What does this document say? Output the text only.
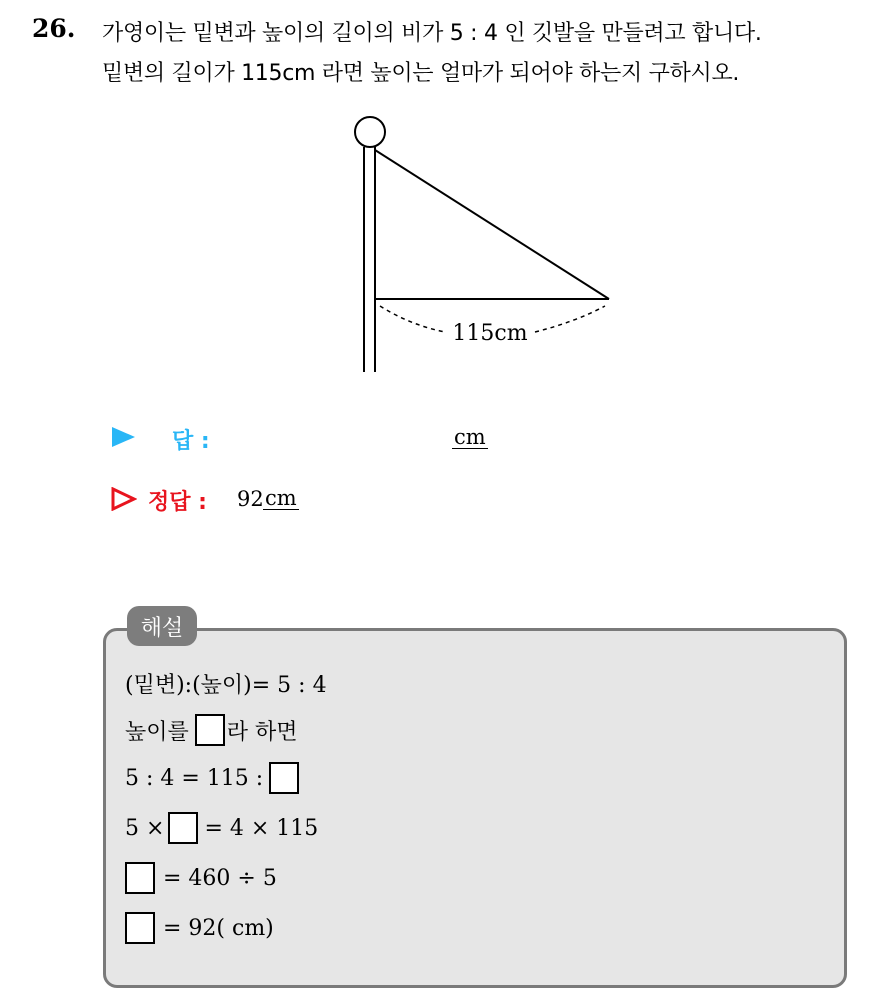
26. 가영이는 밑변과 높이의 길이의 비가 5 : 4 인 깃발을 만들려고 합니다.
밑변의 길이가 115cm 라면 높이는 얼마가 되어야 하는지 구하시오.
115cm
답 :	cm
정답 : 92 cm
해설
(밑변):(높이)= 5 : 4
높이를 라 하면
5 : 4 = 115 :
5 × = 4 × 115
= 460 ÷ 5
= 92( cm)
